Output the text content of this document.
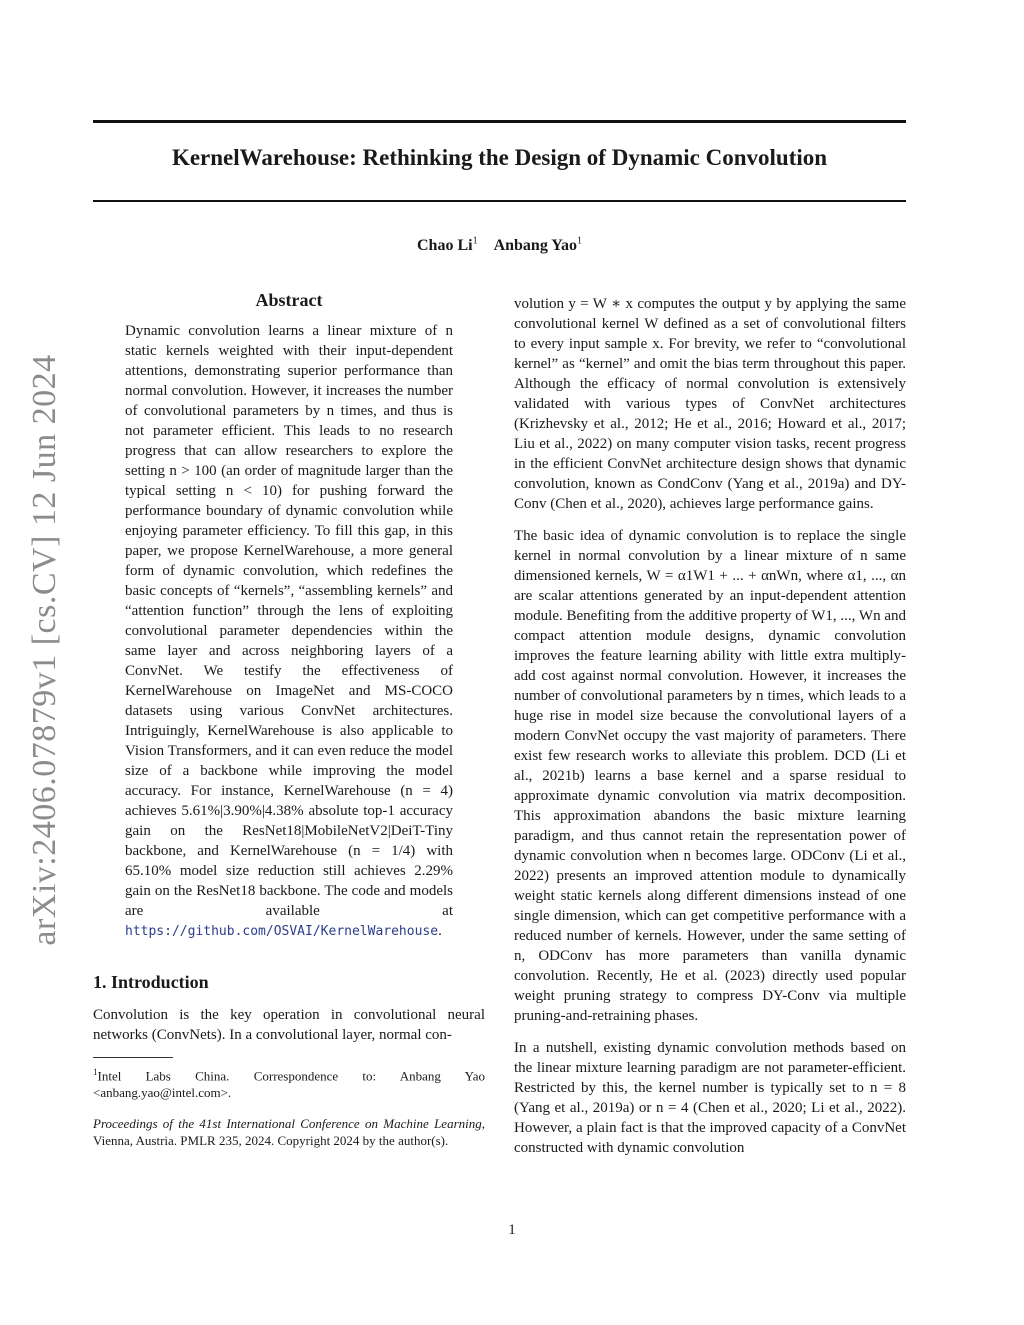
arXiv:2406.07879v1 [cs.CV] 12 Jun 2024
KernelWarehouse: Rethinking the Design of Dynamic Convolution
Chao Li$^1$ Anbang Yao$^1$
Abstract

Dynamic convolution learns a linear mixture of n static kernels weighted with their input-dependent attentions, demonstrating superior performance than normal convolution. However, it increases the number of convolutional parameters by n times, and thus is not parameter efficient. This leads to no research progress that can allow researchers to explore the setting n > 100 (an order of magnitude larger than the typical setting n < 10) for pushing forward the performance boundary of dynamic convolution while enjoying parameter efficiency. To fill this gap, in this paper, we propose KernelWarehouse, a more general form of dynamic convolution, which redefines the basic concepts of “kernels”, “assembling kernels” and “attention function” through the lens of exploiting convolutional parameter dependencies within the same layer and across neighboring layers of a ConvNet. We testify the effectiveness of KernelWarehouse on ImageNet and MS-COCO datasets using various ConvNet architectures. Intriguingly, KernelWarehouse is also applicable to Vision Transformers, and it can even reduce the model size of a backbone while improving the model accuracy. For instance, KernelWarehouse (n = 4) achieves 5.61%|3.90%|4.38% absolute top-1 accuracy gain on the ResNet18|MobileNetV2|DeiT-Tiny backbone, and KernelWarehouse (n = 1/4) with 65.10% model size reduction still achieves 2.29% gain on the ResNet18 backbone. The code and models are available at https://github.com/OSVAI/KernelWarehouse.

1. Introduction

Convolution is the key operation in convolutional neural networks (ConvNets). In a convolutional layer, normal con-

$^1$Intel Labs China. Correspondence to: Anbang Yao <anbang.yao@intel.com>.

Proceedings of the 41st International Conference on Machine Learning, Vienna, Austria. PMLR 235, 2024. Copyright 2024 by the author(s).

volution y = W ∗ x computes the output y by applying the same convolutional kernel W defined as a set of convolutional filters to every input sample x. For brevity, we refer to “convolutional kernel” as “kernel” and omit the bias term throughout this paper. Although the efficacy of normal convolution is extensively validated with various types of ConvNet architectures (Krizhevsky et al., 2012; He et al., 2016; Howard et al., 2017; Liu et al., 2022) on many computer vision tasks, recent progress in the efficient ConvNet architecture design shows that dynamic convolution, known as CondConv (Yang et al., 2019a) and DY-Conv (Chen et al., 2020), achieves large performance gains.

The basic idea of dynamic convolution is to replace the single kernel in normal convolution by a linear mixture of n same dimensioned kernels, W = α1W1 + ... + αnWn, where α1, ..., αn are scalar attentions generated by an input-dependent attention module. Benefiting from the additive property of W1, ..., Wn and compact attention module designs, dynamic convolution improves the feature learning ability with little extra multiply-add cost against normal convolution. However, it increases the number of convolutional parameters by n times, which leads to a huge rise in model size because the convolutional layers of a modern ConvNet occupy the vast majority of parameters. There exist few research works to alleviate this problem. DCD (Li et al., 2021b) learns a base kernel and a sparse residual to approximate dynamic convolution via matrix decomposition. This approximation abandons the basic mixture learning paradigm, and thus cannot retain the representation power of dynamic convolution when n becomes large. ODConv (Li et al., 2022) presents an improved attention module to dynamically weight static kernels along different dimensions instead of one single dimension, which can get competitive performance with a reduced number of kernels. However, under the same setting of n, ODConv has more parameters than vanilla dynamic convolution. Recently, He et al. (2023) directly used popular weight pruning strategy to compress DY-Conv via multiple pruning-and-retraining phases.

In a nutshell, existing dynamic convolution methods based on the linear mixture learning paradigm are not parameter-efficient. Restricted by this, the kernel number is typically set to n = 8 (Yang et al., 2019a) or n = 4 (Chen et al., 2020; Li et al., 2022). However, a plain fact is that the improved capacity of a ConvNet constructed with dynamic convolution

1
